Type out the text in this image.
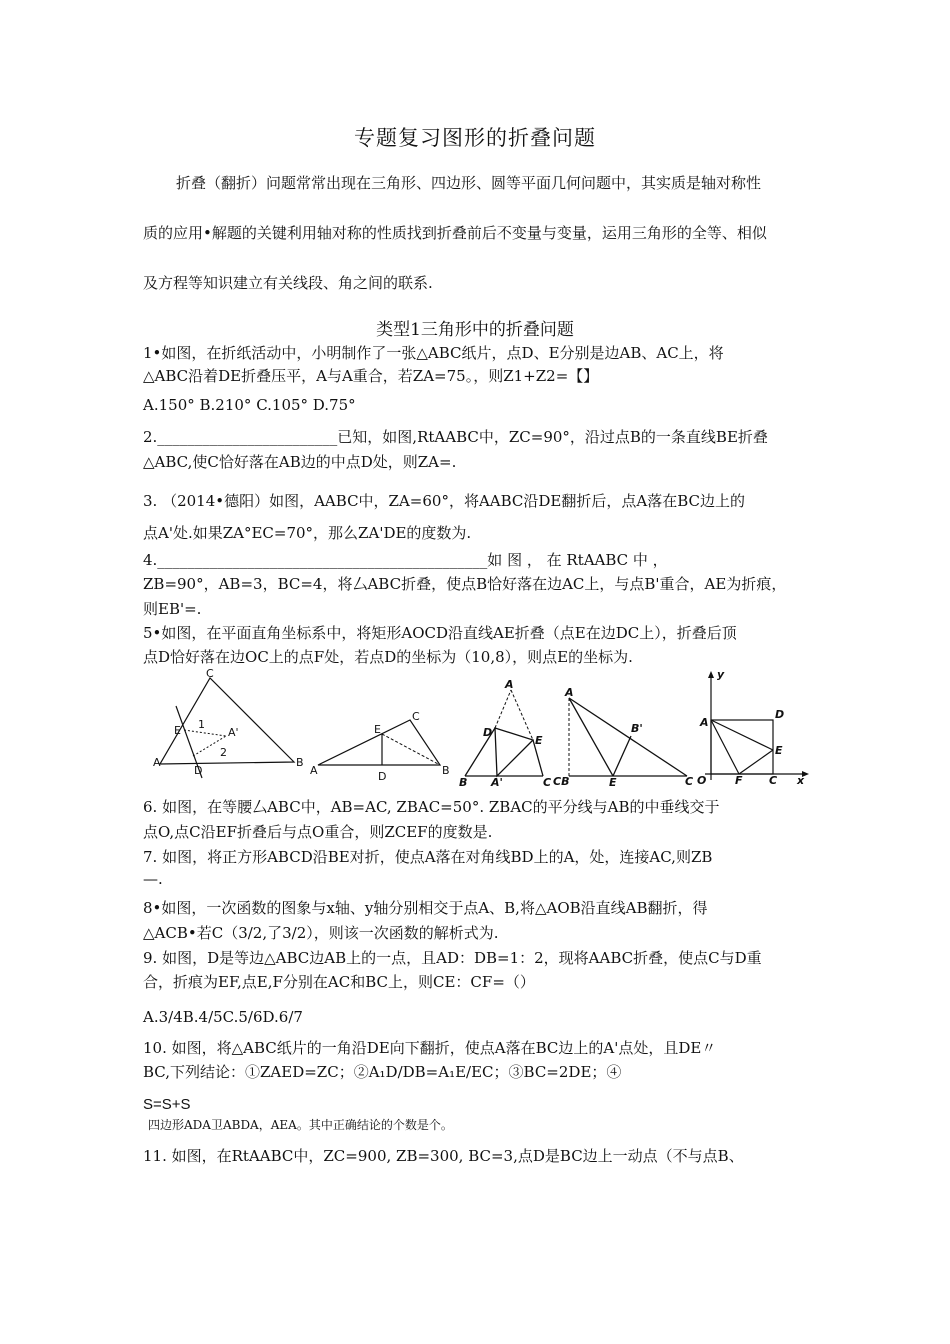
专题复习图形的折叠问题
折叠（翻折）问题常常出现在三角形、四边形、圆等平面几何问题中，其实质是轴对称性
质的应用•解题的关键利用轴对称的性质找到折叠前后不变量与变量，运用三角形的全等、相似
及方程等知识建立有关线段、角之间的联系.
类型1三角形中的折叠问题
1•如图，在折纸活动中，小明制作了一张△ABC纸片，点D、E分别是边AB、AC上，将
△ABC沿着DE折叠压平，A与A重合，若ZA=75。，则Z1+Z2=【】
A.150° B.210° C.105° D.75°
2.________________________已知，如图,RtAABC中，ZC=90°，沿过点B的一条直线BE折叠
△ABC,使C恰好落在AB边的中点D处，则ZA=.
3. （2014•德阳）如图，AABC中，ZA=60°，将AABC沿DE翻折后，点A落在BC边上的
点A'处.如果ZA°EC=70°，那么ZA'DE的度数为.
4.____________________________________________如 图 ， 在 RtAABC 中 ，
ZB=90°，AB=3，BC=4，将厶ABC折叠，使点B恰好落在边AC上，与点B'重合，AE为折痕，
则EB'=.
5•如图，在平面直角坐标系中，将矩形AOCD沿直线AE折叠（点E在边DC上），折叠后顶
点D恰好落在边OC上的点F处，若点D的坐标为（10,8），则点E的坐标为.
C
E 1
A'
2
A
D
B
C
E
A	D	B
A
D
E
B A'	C
A
B'
CB	E	C
y
A
D
E
O	F C x
6. 如图，在等腰厶ABC中，AB=AC, ZBAC=50°. ZBAC的平分线与AB的中垂线交于
点O,点C沿EF折叠后与点O重合，则ZCEF的度数是.
7. 如图，将正方形ABCD沿BE对折，使点A落在对角线BD上的A，处，连接AC,则ZB
—.
8•如图，一次函数的图象与x轴、y轴分别相交于点A、B,将△AOB沿直线AB翻折，得
△ACB•若C（3/2,了3/2），则该一次函数的解析式为.
9. 如图，D是等边△ABC边AB上的一点，且AD：DB=1：2，现将AABC折叠，使点C与D重
合，折痕为EF,点E,F分别在AC和BC上，则CE：CF=（）
A.3/4B.4/5C.5/6D.6/7
10. 如图，将△ABC纸片的一角沿DE向下翻折，使点A落在BC边上的A'点处，且DE〃
BC,下列结论：①ZAED=ZC；②A₁D/DB=A₁E/EC；③BC=2DE；④
S=S+S
四边形ADA卫ABDA，AEA。其中正确结论的个数是个。
11. 如图，在RtAABC中，ZC=900, ZB=300, BC=3,点D是BC边上一动点（不与点B、
